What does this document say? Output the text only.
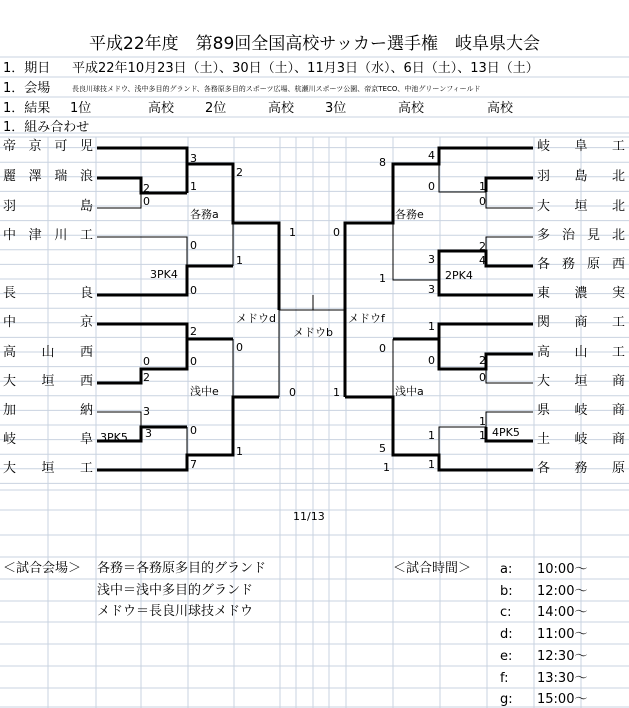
平成22年度　第89回全国高校サッカー選手権　岐阜県大会
1．期日 平成22年10月23日（土）、30日（土）、11月3日（水）、6日（土）、13日（土）
1．会場	長良川球技メドウ、浅中多目的グランド、各務原多目的スポーツ広場、杭瀬川スポーツ公園、帝京TECO、中池グリーンフィールド
1．結果 1位	高校 2位	高校 3位	高校	高校
1．組み合わせ
帝 京 可 児
麗 澤 瑞 浪
羽	島
中 津 川 工
長	良
中	京
高 山 西
大 垣 西
加	納
岐	阜
大 垣 工
岐 阜 工
羽 島 北
大 垣 北
多 治 見 北
各 務 原 西
東 濃 実
関 商 工
高 山 工
大 垣 商
県 岐 商
土 岐 商
各 務 原
3
1
2
0
2
0
0
3PK4
1
1
2
0
0
2
0
3
3
3PK5
0
7
1
0
4
0	1
0
8
2
4
3
3
2PK4
1
0
1
0	2
0
0
1
1
1	4PK5
1
5
1
1
各務a
浅中e
メドウd
メドウb
メドウf
各務e
浅中a
11/13
＜試合会場＞ 各務＝各務原多目的グランド
浅中＝浅中多目的グランド
メドウ＝長良川球技メドウ
＜試合時間＞ a: 10:00～
b: 12:00～
c: 14:00～
d: 11:00～
e: 12:30～
f: 13:30～
g: 15:00～
